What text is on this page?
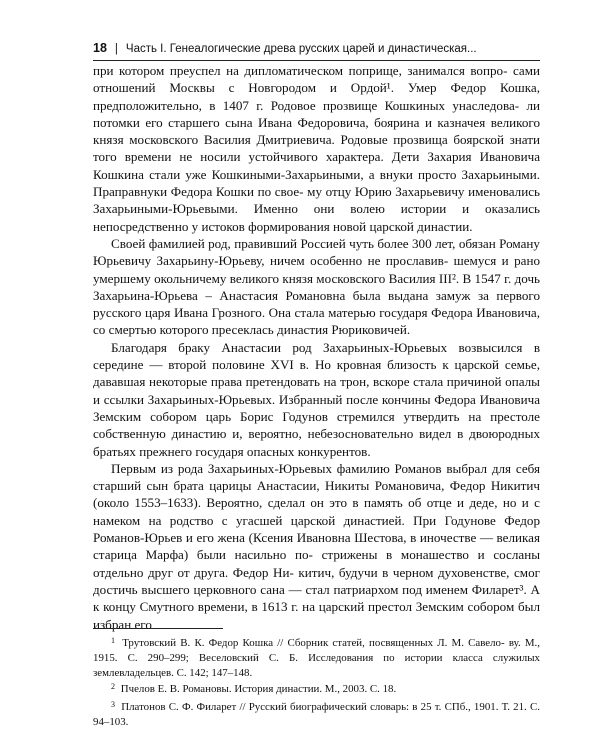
18 | Часть I. Генеалогические древа русских царей и династическая...

при котором преуспел на дипломатическом поприще, занимался вопро- сами отношений Москвы с Новгородом и Ордой¹. Умер Федор Кошка, предположительно, в 1407 г. Родовое прозвище Кошкиных унаследова- ли потомки его старшего сына Ивана Федоровича, боярина и казначея великого князя московского Василия Дмитриевича. Родовые прозвища боярской знати того времени не носили устойчивого характера. Дети Захария Ивановича Кошкина стали уже Кошкиными-Захарьиными, а внуки просто Захарьиными. Праправнуки Федора Кошки по свое- му отцу Юрию Захарьевичу именовались Захарьиными-Юрьевыми. Именно они волею истории и оказались непосредственно у истоков формирования новой царской династии.

Своей фамилией род, правивший Россией чуть более 300 лет, обязан Роману Юрьевичу Захарьину-Юрьеву, ничем особенно не прославив- шемуся и рано умершему окольничему великого князя московского Василия III². В 1547 г. дочь Захарьина-Юрьева – Анастасия Романовна была выдана замуж за первого русского царя Ивана Грозного. Она стала матерью государя Федора Ивановича, со смертью которого пресеклась династия Рюриковичей.

Благодаря браку Анастасии род Захарьиных-Юрьевых возвысился в середине — второй половине XVI в. Но кровная близость к царской семье, дававшая некоторые права претендовать на трон, вскоре стала причиной опалы и ссылки Захарьиных-Юрьевых. Избранный после кончины Федора Ивановича Земским собором царь Борис Годунов стремился утвердить на престоле собственную династию и, вероятно, небезосновательно видел в двоюродных братьях прежнего государя опасных конкурентов.

Первым из рода Захарьиных-Юрьевых фамилию Романов выбрал для себя старший сын брата царицы Анастасии, Никиты Романовича, Федор Никитич (около 1553–1633). Вероятно, сделал он это в память об отце и деде, но и с намеком на родство с угасшей царской династией. При Годунове Федор Романов-Юрьев и его жена (Ксения Ивановна Шестова, в иночестве — великая старица Марфа) были насильно по- стрижены в монашество и сосланы отдельно друг от друга. Федор Ни- китич, будучи в черном духовенстве, смог достичь высшего церковного сана — стал патриархом под именем Филарет³. А к концу Смутного времени, в 1613 г. на царский престол Земским собором был избран его

$^1$ Трутовский В. К. Федор Кошка // Сборник статей, посвященных Л. М. Савело- ву. М., 1915. С. 290–299; Веселовский С. Б. Исследования по истории класса служилых землевладельцев. С. 142; 147–148.

$^2$ Пчелов Е. В. Романовы. История династии. М., 2003. С. 18.

$^3$ Платонов С. Ф. Филарет // Русский биографический словарь: в 25 т. СПб., 1901. Т. 21. С. 94–103.
